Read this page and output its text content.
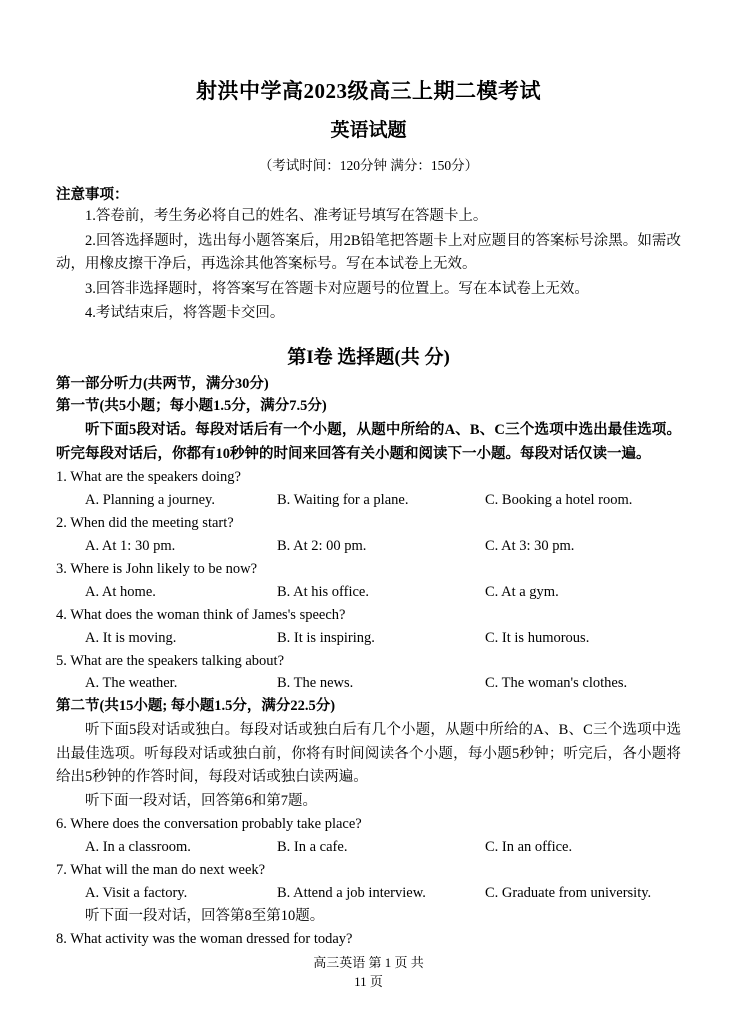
射洪中学高2023级高三上期二模考试
英语试题
（考试时间：120分钟 满分：150分）
注意事项：

1.答卷前，考生务必将自己的姓名、准考证号填写在答题卡上。

2.回答选择题时，选出每小题答案后，用2B铅笔把答题卡上对应题目的答案标号涂黑。如需改动，用橡皮擦干净后，再选涂其他答案标号。写在本试卷上无效。

3.回答非选择题时，将答案写在答题卡对应题号的位置上。写在本试卷上无效。

4.考试结束后，将答题卡交回。

第I卷 选择题(共 分)
第一部分听力(共两节，满分30分)
第一节(共5小题；每小题1.5分，满分7.5分)

听下面5段对话。每段对话后有一个小题，从题中所给的A、B、C三个选项中选出最佳选项。听完每段对话后，你都有10秒钟的时间来回答有关小题和阅读下一小题。每段对话仅读一遍。

1. What are the speakers doing?
A. Planning a journey.	B. Waiting for a plane.	C. Booking a hotel room.
2. When did the meeting start?
A. At 1: 30 pm.	B. At 2: 00 pm.	C. At 3: 30 pm.
3. Where is John likely to be now?
A. At home.	B. At his office.	C. At a gym.
4. What does the woman think of James's speech?
A. It is moving.	B. It is inspiring.	C. It is humorous.
5. What are the speakers talking about?
A. The weather.	B. The news.	C. The woman's clothes.
第二节(共15小题; 每小题1.5分，满分22.5分)

听下面5段对话或独白。每段对话或独白后有几个小题，从题中所给的A、B、C三个选项中选出最佳选项。听每段对话或独白前，你将有时间阅读各个小题，每小题5秒钟；听完后，各小题将给出5秒钟的作答时间，每段对话或独白读两遍。

听下面一段对话，回答第6和第7题。

6. Where does the conversation probably take place?
A. In a classroom.	B. In a cafe.	C. In an office.
7. What will the man do next week?
A. Visit a factory.	B. Attend a job interview.	C. Graduate from university.

听下面一段对话，回答第8至第10题。

8. What activity was the woman dressed for today?
高三英语 第 1 页 共
11 页
